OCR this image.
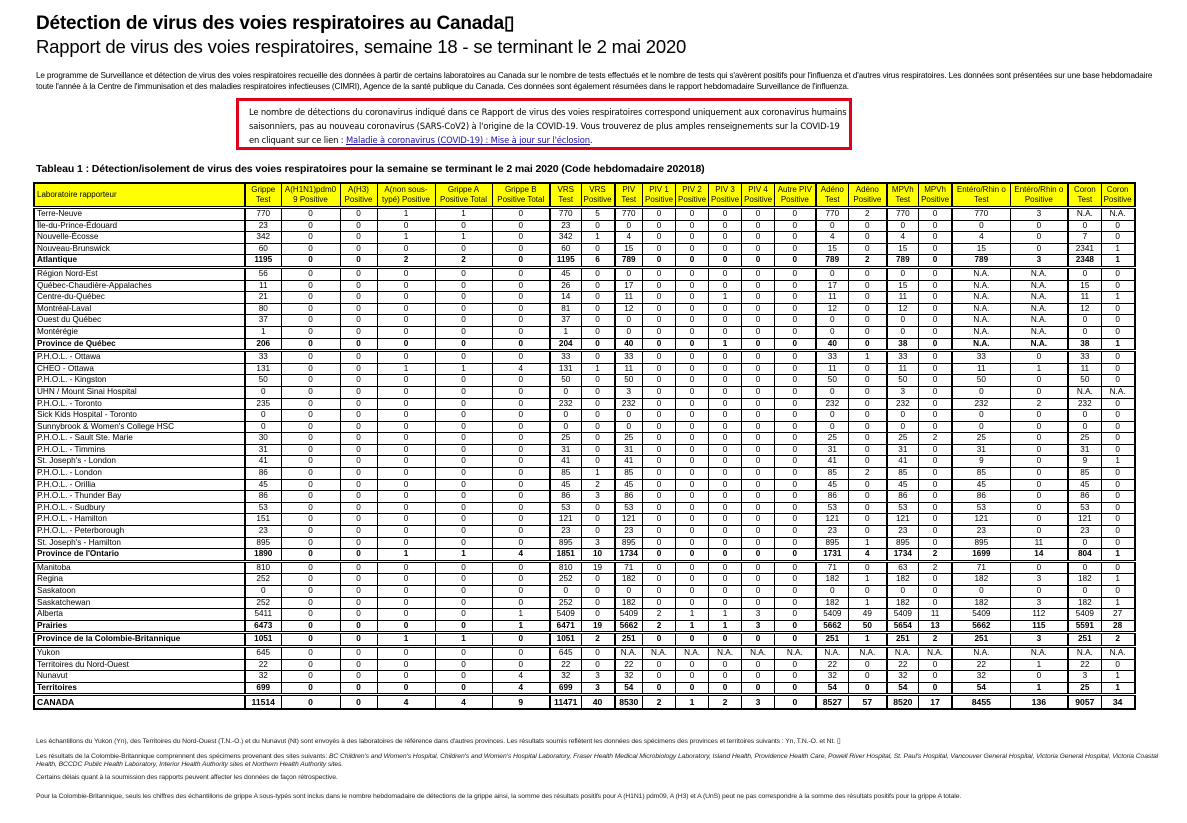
Détection de virus des voies respiratoires au Canada▯
Rapport de virus des voies respiratoires, semaine 18 - se terminant le 2 mai 2020
Le programme de Surveillance et détection de virus des voies respiratoires recueille des données à partir de certains laboratoires au Canada sur le nombre de tests effectués et le nombre de tests qui s'avèrent positifs pour l'influenza et d'autres virus respiratoires. Les données sont présentées sur une base hebdomadaire toute l'année à la Centre de l'immunisation et des maladies respiratoires infectieuses (CIMRI), Agence de la santé publique du Canada. Ces données sont également résumées dans le rapport hebdomadaire Surveillance de l'influenza.
Le nombre de détections du coronavirus indiqué dans ce Rapport de virus des voies respiratoires correspond uniquement aux coronavirus humains saisonniers, pas au nouveau coronavirus (SARS-CoV2) à l'origine de la COVID-19. Vous trouverez de plus amples renseignements sur la COVID-19 en cliquant sur ce lien : Maladie à coronavirus (COVID-19) : Mise à jour sur l'éclosion.
Tableau 1 : Détection/isolement de virus des voies respiratoires pour la semaine se terminant le 2 mai 2020 (Code hebdomadaire 202018)
Laboratoire rapporteur	Grippe Test	A(H1N1)pdm0 9 Positive	A(H3) Positive	A(non sous-typé) Positive	Grippe A Positive Total	Grippe B Positive Total	VRS Test	VRS Positive	PIV Test	PIV 1 Positive	PIV 2 Positive	PIV 3 Positive	PIV 4 Positive	Autre PIV Positive	Adéno Test	Adéno Positive	MPVh Test	MPVh Positive	Entéro/Rhin o Test	Entéro/Rhin o Positive	Coron Test	Coron Positive
Terre-Neuve	770	0	0	1	1	0	770	5	770	0	0	0	0	0	770	2	770	0	770	3	N.A.	N.A.
Île-du-Prince-Édouard	23	0	0	0	0	0	23	0	0	0	0	0	0	0	0	0	0	0	0	0	0	0
Nouvelle-Écosse	342	0	0	1	1	0	342	1	4	0	0	0	0	0	4	0	4	0	4	0	7	0
Nouveau-Brunswick	60	0	0	0	0	0	60	0	15	0	0	0	0	0	15	0	15	0	15	0	2341	1
Atlantique	1195	0	0	2	2	0	1195	6	789	0	0	0	0	0	789	2	789	0	789	3	2348	1
Région Nord-Est	56	0	0	0	0	0	45	0	0	0	0	0	0	0	0	0	0	0	N.A.	N.A.	0	0
Québec-Chaudière-Appalaches	11	0	0	0	0	0	26	0	17	0	0	0	0	0	17	0	15	0	N.A.	N.A.	15	0
Centre-du-Québec	21	0	0	0	0	0	14	0	11	0	0	1	0	0	11	0	11	0	N.A.	N.A.	11	1
Montréal-Laval	80	0	0	0	0	0	81	0	12	0	0	0	0	0	12	0	12	0	N.A.	N.A.	12	0
Ouest du Québec	37	0	0	0	0	0	37	0	0	0	0	0	0	0	0	0	0	0	N.A.	N.A.	0	0
Montérégie	1	0	0	0	0	0	1	0	0	0	0	0	0	0	0	0	0	0	N.A.	N.A.	0	0
Province de Québec	206	0	0	0	0	0	204	0	40	0	0	1	0	0	40	0	38	0	N.A.	N.A.	38	1
P.H.O.L. - Ottawa	33	0	0	0	0	0	33	0	33	0	0	0	0	0	33	1	33	0	33	0	33	0
CHEO - Ottawa	131	0	0	1	1	4	131	1	11	0	0	0	0	0	11	0	11	0	11	1	11	0
P.H.O.L. - Kingston	50	0	0	0	0	0	50	0	50	0	0	0	0	0	50	0	50	0	50	0	50	0
UHN / Mount Sinai Hospital	0	0	0	0	0	0	0	0	3	0	0	0	0	0	0	0	3	0	0	0	N.A.	N.A.
P.H.O.L. - Toronto	235	0	0	0	0	0	232	0	232	0	0	0	0	0	232	0	232	0	232	2	232	0
Sick Kids Hospital - Toronto	0	0	0	0	0	0	0	0	0	0	0	0	0	0	0	0	0	0	0	0	0	0
Sunnybrook & Women's College HSC	0	0	0	0	0	0	0	0	0	0	0	0	0	0	0	0	0	0	0	0	0	0
P.H.O.L. - Sault Ste. Marie	30	0	0	0	0	0	25	0	25	0	0	0	0	0	25	0	25	2	25	0	25	0
P.H.O.L. - Timmins	31	0	0	0	0	0	31	0	31	0	0	0	0	0	31	0	31	0	31	0	31	0
St. Joseph's - London	41	0	0	0	0	0	41	0	41	0	0	0	0	0	41	0	41	0	9	0	9	1
P.H.O.L. - London	86	0	0	0	0	0	85	1	85	0	0	0	0	0	85	2	85	0	85	0	85	0
P.H.O.L. - Orillia	45	0	0	0	0	0	45	2	45	0	0	0	0	0	45	0	45	0	45	0	45	0
P.H.O.L. - Thunder Bay	86	0	0	0	0	0	86	3	86	0	0	0	0	0	86	0	86	0	86	0	86	0
P.H.O.L. - Sudbury	53	0	0	0	0	0	53	0	53	0	0	0	0	0	53	0	53	0	53	0	53	0
P.H.O.L. - Hamilton	151	0	0	0	0	0	121	0	121	0	0	0	0	0	121	0	121	0	121	0	121	0
P.H.O.L. - Peterborough	23	0	0	0	0	0	23	0	23	0	0	0	0	0	23	0	23	0	23	0	23	0
St. Joseph's - Hamilton	895	0	0	0	0	0	895	3	895	0	0	0	0	0	895	1	895	0	895	11	0	0
Province de l'Ontario	1890	0	0	1	1	4	1851	10	1734	0	0	0	0	0	1731	4	1734	2	1699	14	804	1
Manitoba	810	0	0	0	0	0	810	19	71	0	0	0	0	0	71	0	63	2	71	0	0	0
Regina	252	0	0	0	0	0	252	0	182	0	0	0	0	0	182	1	182	0	182	3	182	1
Saskatoon	0	0	0	0	0	0	0	0	0	0	0	0	0	0	0	0	0	0	0	0	0	0
Saskatchewan	252	0	0	0	0	0	252	0	182	0	0	0	0	0	182	1	182	0	182	3	182	1
Alberta	5411	0	0	0	0	1	5409	0	5409	2	1	1	3	0	5409	49	5409	11	5409	112	5409	27
Prairies	6473	0	0	0	0	1	6471	19	5662	2	1	1	3	0	5662	50	5654	13	5662	115	5591	28
Province de la Colombie-Britannique	1051	0	0	1	1	0	1051	2	251	0	0	0	0	0	251	1	251	2	251	3	251	2
Yukon	645	0	0	0	0	0	645	0	N.A.	N.A.	N.A.	N.A.	N.A.	N.A.	N.A.	N.A.	N.A.	N.A.	N.A.	N.A.	N.A.	N.A.
Territoires du Nord-Ouest	22	0	0	0	0	0	22	0	22	0	0	0	0	0	22	0	22	0	22	1	22	0
Nunavut	32	0	0	0	0	4	32	3	32	0	0	0	0	0	32	0	32	0	32	0	3	1
Territoires	699	0	0	0	0	4	699	3	54	0	0	0	0	0	54	0	54	0	54	1	25	1
CANADA	11514	0	0	4	4	9	11471	40	8530	2	1	2	3	0	8527	57	8520	17	8455	136	9057	34

Les échantillons du Yukon (Yn), des Territoires du Nord-Ouest (T.N.-O.) et du Nunavut (Nt) sont envoyés à des laboratoires de référence dans d'autres provinces. Les résultats soumis reflètent les données des spécimens des provinces et territoires suivants : Yn, T.N.-O. et Nt. ▯

Les résultats de la Colombie-Britannique comprennent des spécimens provenant des sites suivants: BC Children's and Women's Hospital, Children's and Women's Hospital Laboratory, Fraser Health Medical Microbiology Laboratory, Island Health, Providence Health Care, Powell River Hospital, St. Paul's Hospital, Vancouver General Hospital, Victoria General Hospital, Victoria Coastal Health, BCCDC Public Health Laboratory, Interior Health Authority sites et Northern Health Authority sites.

Certains délais quant à la soumission des rapports peuvent affecter les données de façon rétrospective.

Pour la Colombie-Britannique, seuls les chiffres des échantillons de grippe A sous-typés sont inclus dans le nombre hebdomadaire de détections de la grippe ainsi, la somme des résultats positifs pour A (H1N1) pdm09, A (H3) et A (UnS) peut ne pas correspondre à la somme des résultats positifs pour la grippe A totale.
